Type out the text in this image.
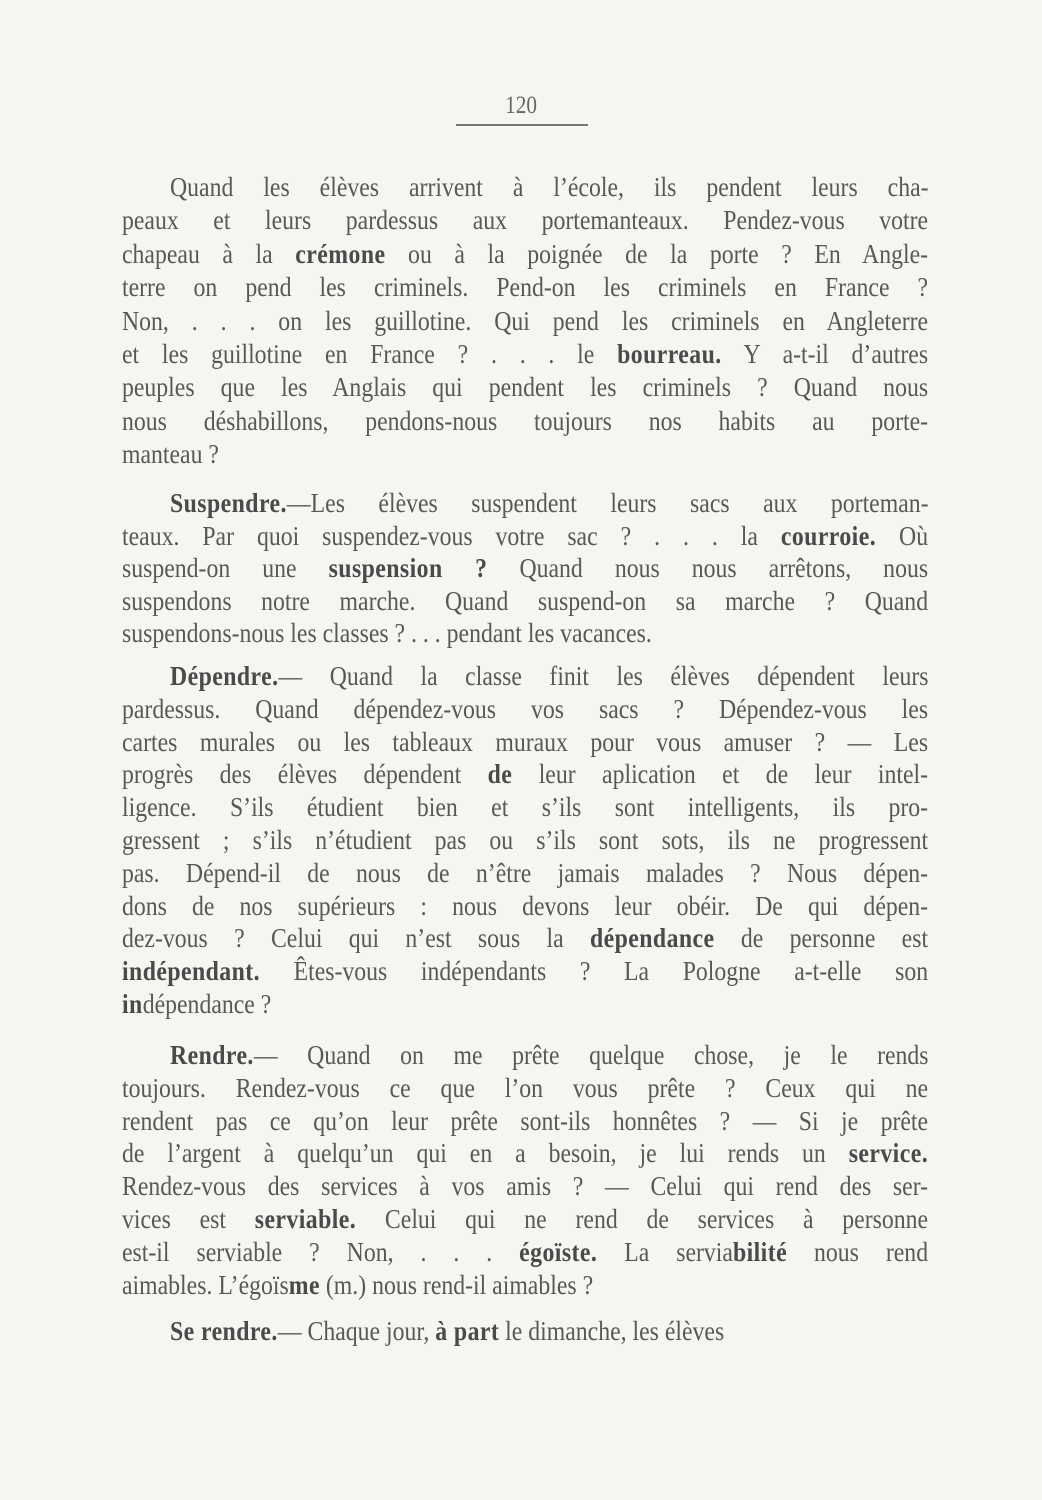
120
Quand les élèves arrivent à l’école, ils pendent leurs cha-
peaux et leurs pardessus aux portemanteaux. Pendez-vous votre
chapeau à la crémone ou à la poignée de la porte ? En Angle-
terre on pend les criminels. Pend-on les criminels en France ?
Non, . . . on les guillotine. Qui pend les criminels en Angleterre
et les guillotine en France ? . . . le bourreau. Y a-t-il d’autres
peuples que les Anglais qui pendent les criminels ? Quand nous
nous déshabillons, pendons-nous toujours nos habits au porte-
manteau ?
Suspendre.—Les élèves suspendent leurs sacs aux porteman-
teaux. Par quoi suspendez-vous votre sac ? . . . la courroie. Où
suspend-on une suspension ? Quand nous nous arrêtons, nous
suspendons notre marche. Quand suspend-on sa marche ? Quand
suspendons-nous les classes ? . . . pendant les vacances.
Dépendre.— Quand la classe finit les élèves dépendent leurs
pardessus. Quand dépendez-vous vos sacs ? Dépendez-vous les
cartes murales ou les tableaux muraux pour vous amuser ? — Les
progrès des élèves dépendent de leur aplication et de leur intel-
ligence. S’ils étudient bien et s’ils sont intelligents, ils pro-
gressent ; s’ils n’étudient pas ou s’ils sont sots, ils ne progressent
pas. Dépend-il de nous de n’être jamais malades ? Nous dépen-
dons de nos supérieurs : nous devons leur obéir. De qui dépen-
dez-vous ? Celui qui n’est sous la dépendance de personne est
indépendant. Êtes-vous indépendants ? La Pologne a-t-elle son
indépendance ?
Rendre.— Quand on me prête quelque chose, je le rends
toujours. Rendez-vous ce que l’on vous prête ? Ceux qui ne
rendent pas ce qu’on leur prête sont-ils honnêtes ? — Si je prête
de l’argent à quelqu’un qui en a besoin, je lui rends un service.
Rendez-vous des services à vos amis ? — Celui qui rend des ser-
vices est serviable. Celui qui ne rend de services à personne
est-il serviable ? Non, . . . égoïste. La serviabilité nous rend
aimables. L’égoïsme (m.) nous rend-il aimables ?
Se rendre.— Chaque jour, à part le dimanche, les élèves
